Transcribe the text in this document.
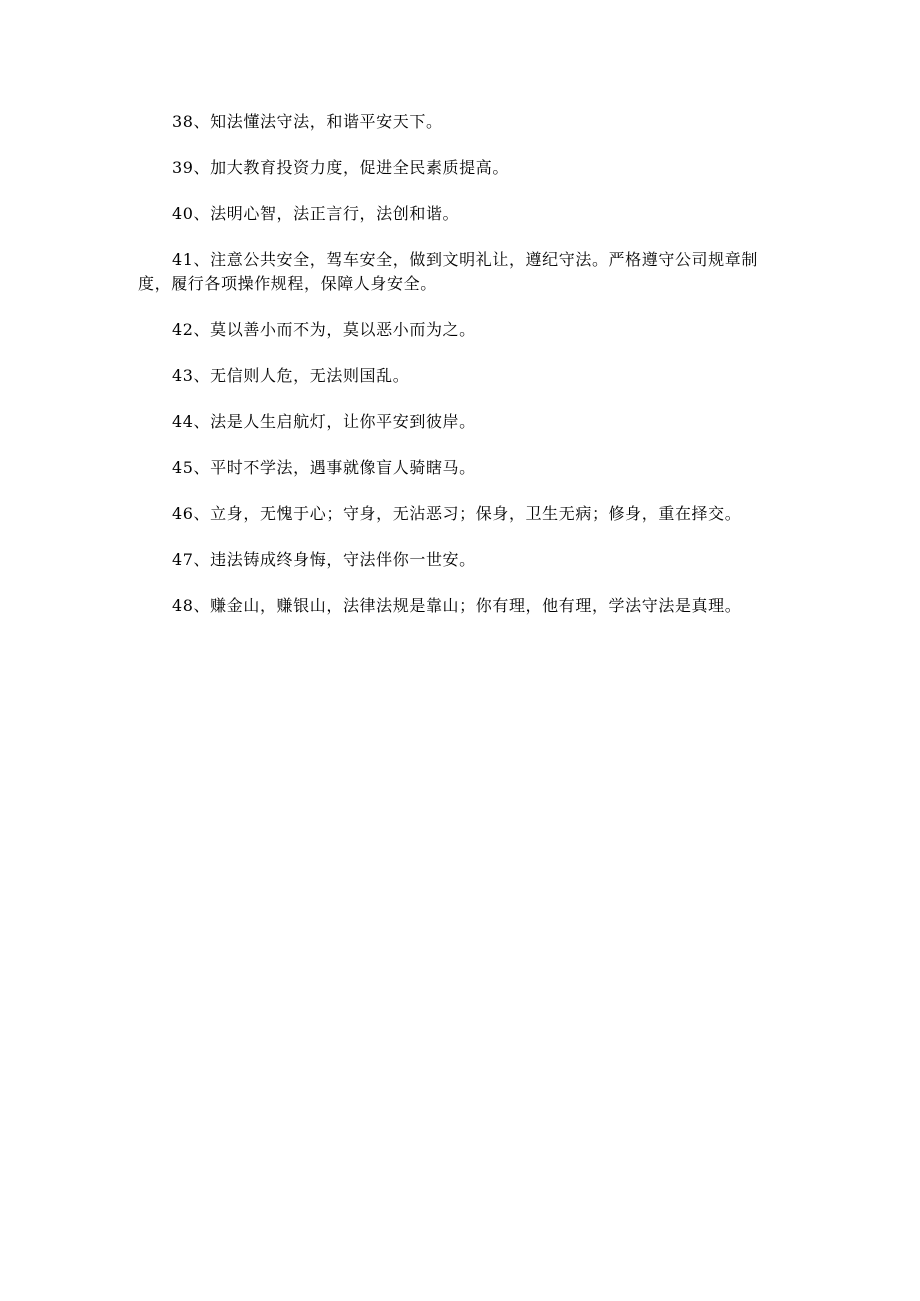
38、知法懂法守法，和谐平安天下。

39、加大教育投资力度，促进全民素质提高。

40、法明心智，法正言行，法创和谐。

41、注意公共安全，驾车安全，做到文明礼让，遵纪守法。严格遵守公司规章制度，履行各项操作规程，保障人身安全。

42、莫以善小而不为，莫以恶小而为之。

43、无信则人危，无法则国乱。

44、法是人生启航灯，让你平安到彼岸。

45、平时不学法，遇事就像盲人骑瞎马。

46、立身，无愧于心；守身，无沾恶习；保身，卫生无病；修身，重在择交。

47、违法铸成终身悔，守法伴你一世安。

48、赚金山，赚银山，法律法规是靠山；你有理，他有理，学法守法是真理。
